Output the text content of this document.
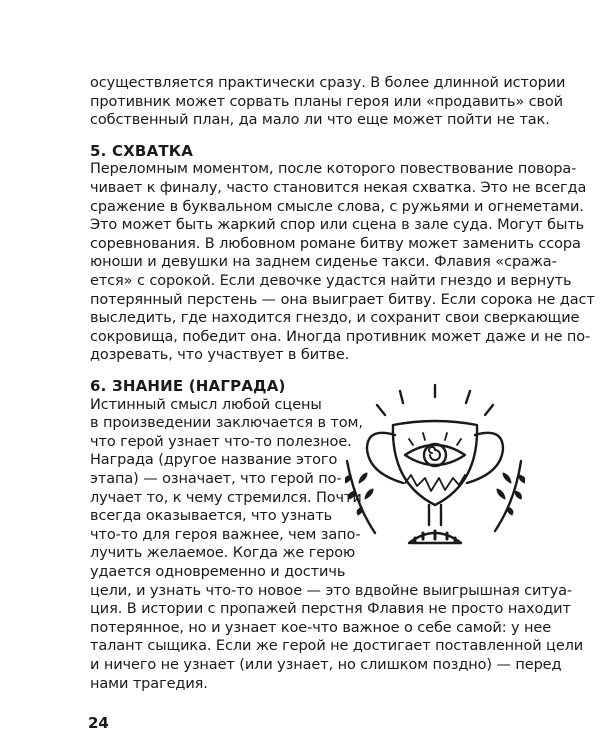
осуществляется практически сразу. В более длинной истории
противник может сорвать планы героя или «продавить» свой
собственный план, да мало ли что еще может пойти не так.
5. СХВАТКА
Переломным моментом, после которого повествование повора-
чивает к финалу, часто становится некая схватка. Это не всегда
сражение в буквальном смысле слова, с ружьями и огнеметами.
Это может быть жаркий спор или сцена в зале суда. Могут быть
соревнования. В любовном романе битву может заменить ссора
юноши и девушки на заднем сиденье такси. Флавия «сража-
ется» с сорокой. Если девочке удастся найти гнездо и вернуть
потерянный перстень — она выиграет битву. Если сорока не даст
выследить, где находится гнездо, и сохранит свои сверкающие
сокровища, победит она. Иногда противник может даже и не по-
дозревать, что участвует в битве.
6. ЗНАНИЕ (НАГРАДА)
Истинный смысл любой сцены
в произведении заключается в том,
что герой узнает что-то полезное.
Награда (другое название этого
этапа) — означает, что герой по-
лучает то, к чему стремился. Почти
всегда оказывается, что узнать
что-то для героя важнее, чем запо-
лучить желаемое. Когда же герою
удается одновременно и достичь
цели, и узнать что-то новое — это вдвойне выигрышная ситуа-
ция. В истории с пропажей перстня Флавия не просто находит
потерянное, но и узнает кое-что важное о себе самой: у нее
талант сыщика. Если же герой не достигает поставленной цели
и ничего не узнает (или узнает, но слишком поздно) — перед
нами трагедия.
24
